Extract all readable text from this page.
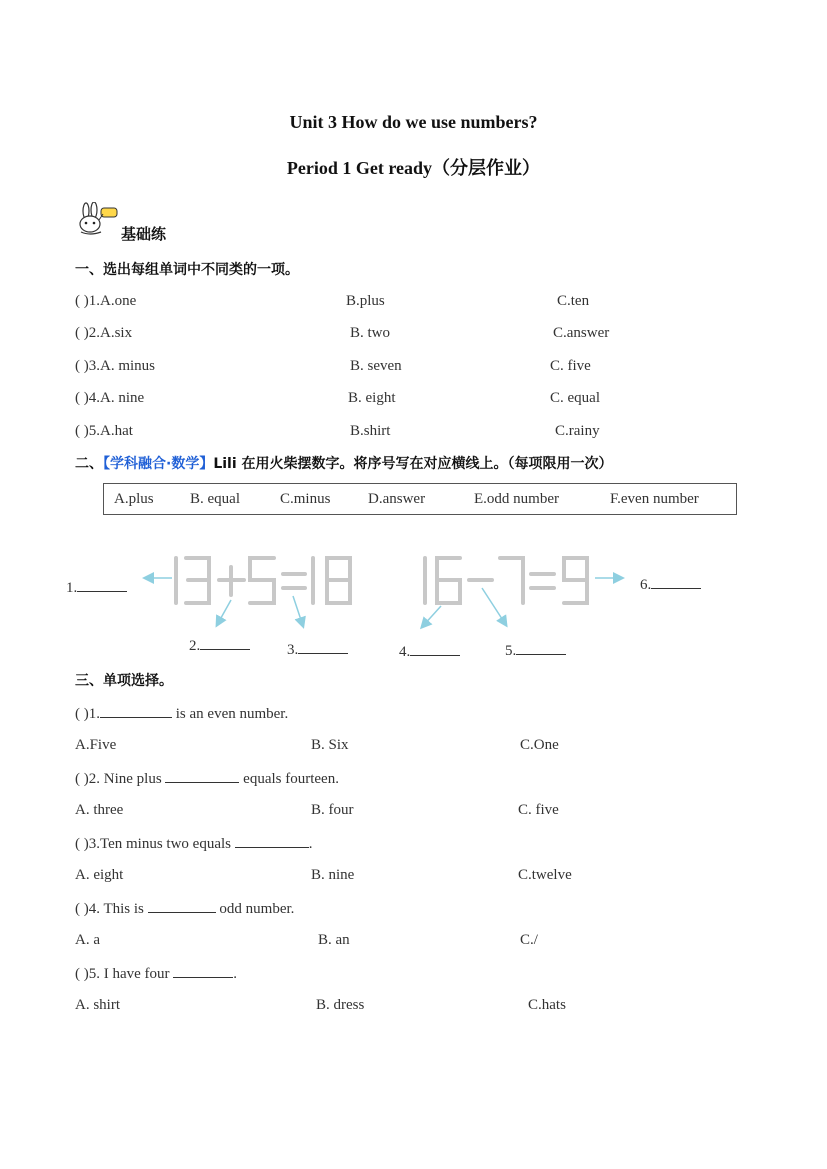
Unit 3 How do we use numbers?
Period 1 Get ready（分层作业）
基础练
一、选出每组单词中不同类的一项。
( )1.A.one	B.plus	C.ten
( )2.A.six	B. two	C.answer
( )3.A. minus	B. seven	C. five
( )4.A. nine	B. eight	C. equal
( )5.A.hat	B.shirt	C.rainy
二、【学科融合·数学】Lili 在用火柴摆数字。将序号写在对应横线上。（每项限用一次）
A.plus B. equal	C.minus	D.answer	E.odd number	F.even number
1.
2.	3.	4.	5.
6.
三、单项选择。
( )1.	is an even number.
A.Five	B. Six	C.One
( )2. Nine plus	equals fourteen.
A. three	B. four	C. five
( )3.Ten minus two equals	.
A. eight	B. nine	C.twelve
( )4. This is	odd number.
A. a	B. an	C./
( )5. I have four	.
A. shirt	B. dress	C.hats
